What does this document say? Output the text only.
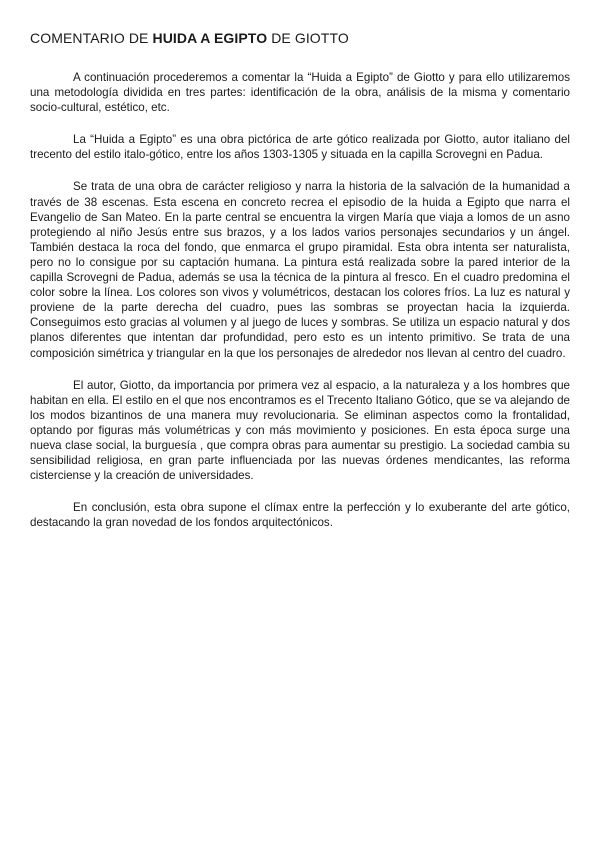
COMENTARIO DE HUIDA A EGIPTO DE GIOTTO

A continuación procederemos a comentar la “Huida a Egipto” de Giotto y para ello utilizaremos una metodología dividida en tres partes: identificación de la obra, análisis de la misma y comentario socio-cultural, estético, etc.

La “Huida a Egipto” es una obra pictórica de arte gótico realizada por Giotto, autor italiano del trecento del estilo italo-gótico, entre los años 1303-1305 y situada en la capilla Scrovegni en Padua.

Se trata de una obra de carácter religioso y narra la historia de la salvación de la humanidad a través de 38 escenas. Esta escena en concreto recrea el episodio de la huida a Egipto que narra el Evangelio de San Mateo. En la parte central se encuentra la virgen María que viaja a lomos de un asno protegiendo al niño Jesús entre sus brazos, y a los lados varios personajes secundarios y un ángel. También destaca la roca del fondo, que enmarca el grupo piramidal. Esta obra intenta ser naturalista, pero no lo consigue por su captación humana. La pintura está realizada sobre la pared interior de la capilla Scrovegni de Padua, además se usa la técnica de la pintura al fresco. En el cuadro predomina el color sobre la línea. Los colores son vivos y volumétricos, destacan los colores fríos. La luz es natural y proviene de la parte derecha del cuadro, pues las sombras se proyectan hacia la izquierda. Conseguimos esto gracias al volumen y al juego de luces y sombras. Se utiliza un espacio natural y dos planos diferentes que intentan dar profundidad, pero esto es un intento primitivo. Se trata de una composición simétrica y triangular en la que los personajes de alrededor nos llevan al centro del cuadro.

El autor, Giotto, da importancia por primera vez al espacio, a la naturaleza y a los hombres que habitan en ella. El estilo en el que nos encontramos es el Trecento Italiano Gótico, que se va alejando de los modos bizantinos de una manera muy revolucionaria. Se eliminan aspectos como la frontalidad, optando por figuras más volumétricas y con más movimiento y posiciones. En esta época surge una nueva clase social, la burguesía , que compra obras para aumentar su prestigio. La sociedad cambia su sensibilidad religiosa, en gran parte influenciada por las nuevas órdenes mendicantes, las reforma cisterciense y la creación de universidades.

En conclusión, esta obra supone el clímax entre la perfección y lo exuberante del arte gótico, destacando la gran novedad de los fondos arquitectónicos.
